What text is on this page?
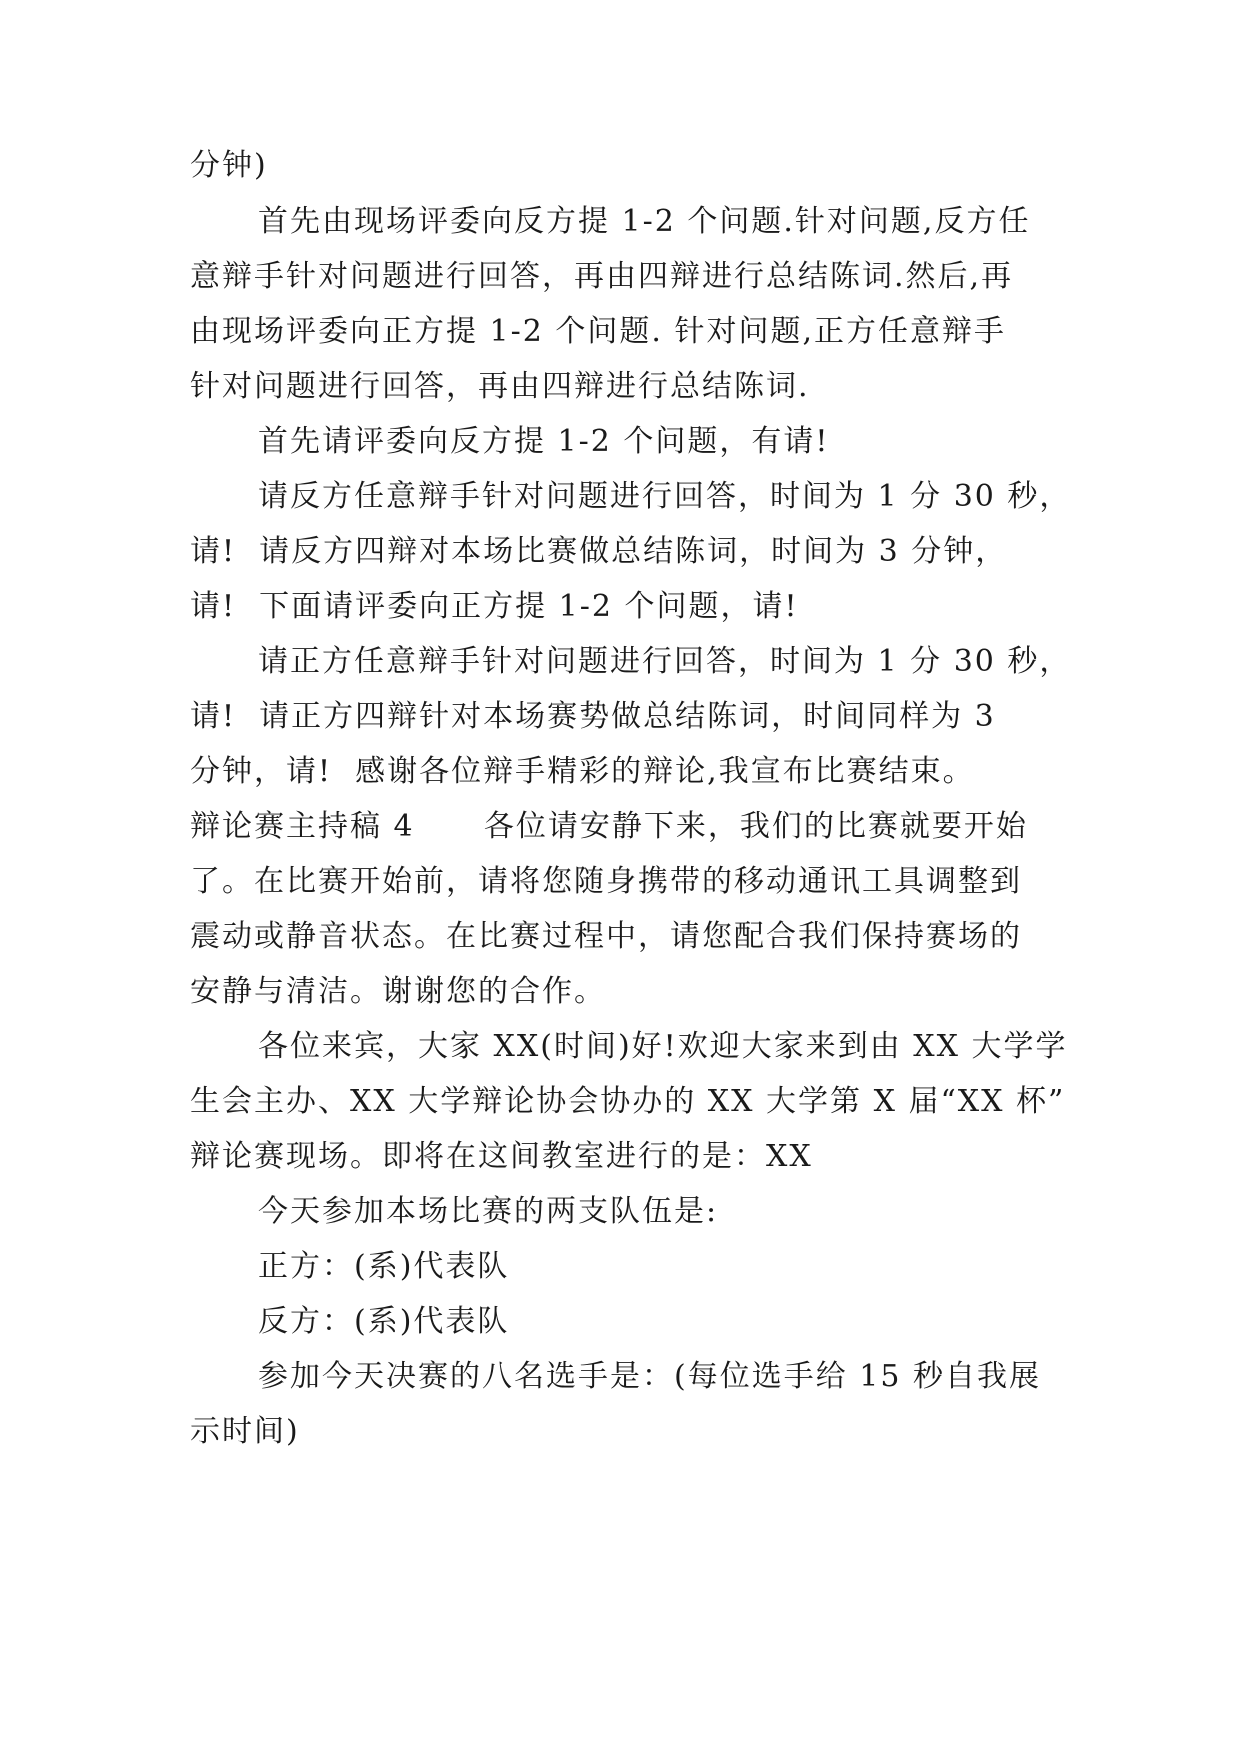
分钟)
首先由现场评委向反方提 1-2 个问题.针对问题,反方任
意辩手针对问题进行回答，再由四辩进行总结陈词.然后,再
由现场评委向正方提 1-2 个问题. 针对问题,正方任意辩手
针对问题进行回答，再由四辩进行总结陈词.
首先请评委向反方提 1-2 个问题，有请!
请反方任意辩手针对问题进行回答，时间为 1 分 30 秒，
请!  请反方四辩对本场比赛做总结陈词，时间为 3 分钟，
请!  下面请评委向正方提 1-2 个问题，请!
请正方任意辩手针对问题进行回答，时间为 1 分 30 秒，
请!  请正方四辩针对本场赛势做总结陈词，时间同样为 3
分钟，请!  感谢各位辩手精彩的辩论,我宣布比赛结束。
辩论赛主持稿 4      各位请安静下来，我们的比赛就要开始
了。在比赛开始前，请将您随身携带的移动通讯工具调整到
震动或静音状态。在比赛过程中，请您配合我们保持赛场的
安静与清洁。谢谢您的合作。
各位来宾，大家 XX(时间)好!欢迎大家来到由 XX 大学学
生会主办、XX 大学辩论协会协办的 XX 大学第 X 届“XX 杯”
辩论赛现场。即将在这间教室进行的是：XX
今天参加本场比赛的两支队伍是:
正方：(系)代表队
反方：(系)代表队
参加今天决赛的八名选手是：(每位选手给 15 秒自我展
示时间)
